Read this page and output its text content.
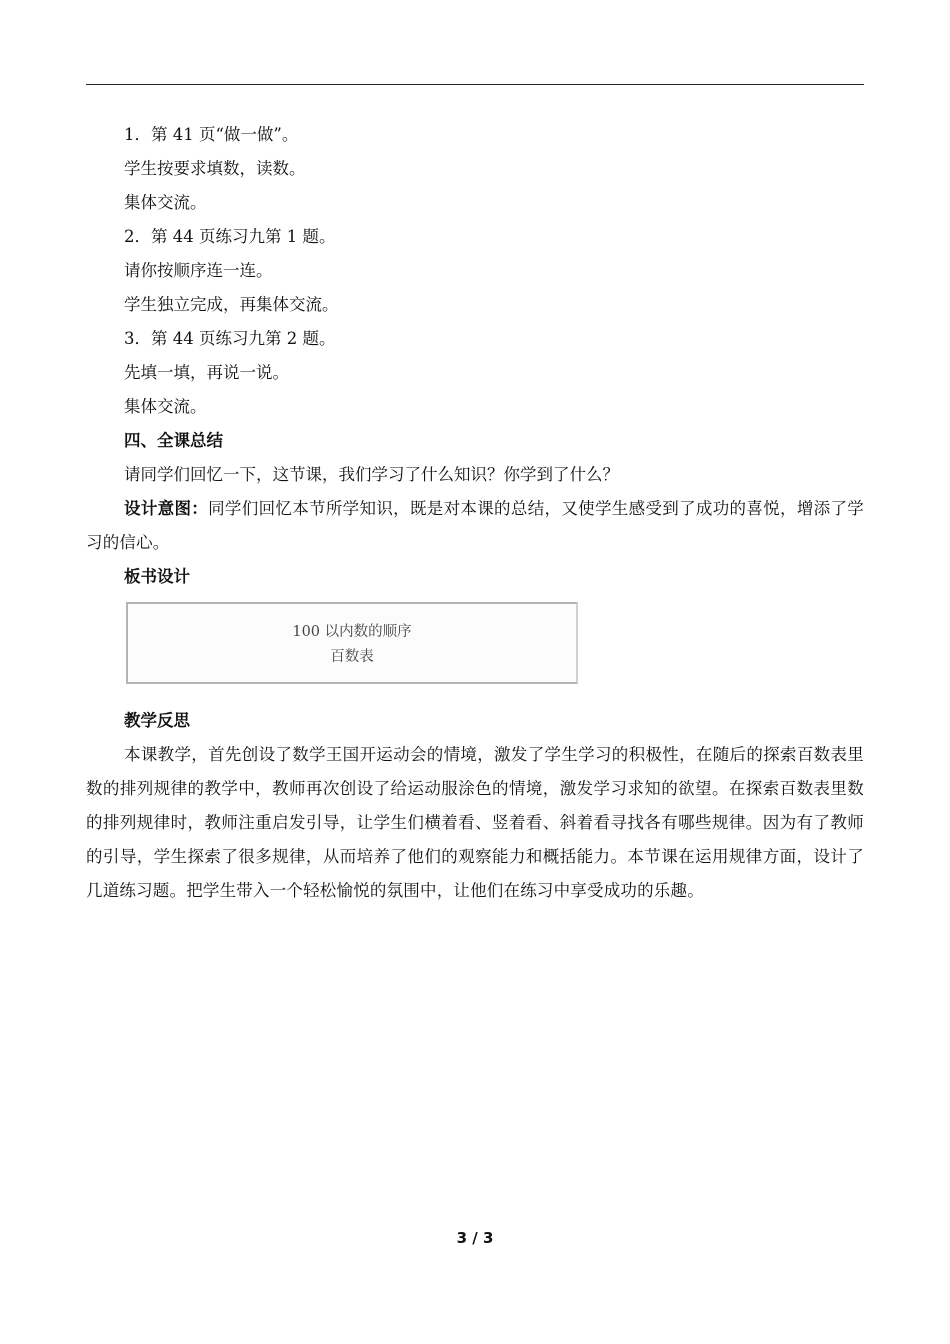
1．第 41 页“做一做”。

学生按要求填数，读数。

集体交流。

2．第 44 页练习九第 1 题。

请你按顺序连一连。

学生独立完成，再集体交流。

3．第 44 页练习九第 2 题。

先填一填，再说一说。

集体交流。

四、全课总结

请同学们回忆一下，这节课，我们学习了什么知识？你学到了什么？

设计意图：同学们回忆本节所学知识，既是对本课的总结，又使学生感受到了成功的喜悦，增添了学习的信心。

板书设计

100 以内数的顺序
百数表

教学反思

本课教学，首先创设了数学王国开运动会的情境，激发了学生学习的积极性，在随后的探索百数表里数的排列规律的教学中，教师再次创设了给运动服涂色的情境，激发学习求知的欲望。在探索百数表里数的排列规律时，教师注重启发引导，让学生们横着看、竖着看、斜着看寻找各有哪些规律。因为有了教师的引导，学生探索了很多规律，从而培养了他们的观察能力和概括能力。本节课在运用规律方面，设计了几道练习题。把学生带入一个轻松愉悦的氛围中，让他们在练习中享受成功的乐趣。

3 / 3
